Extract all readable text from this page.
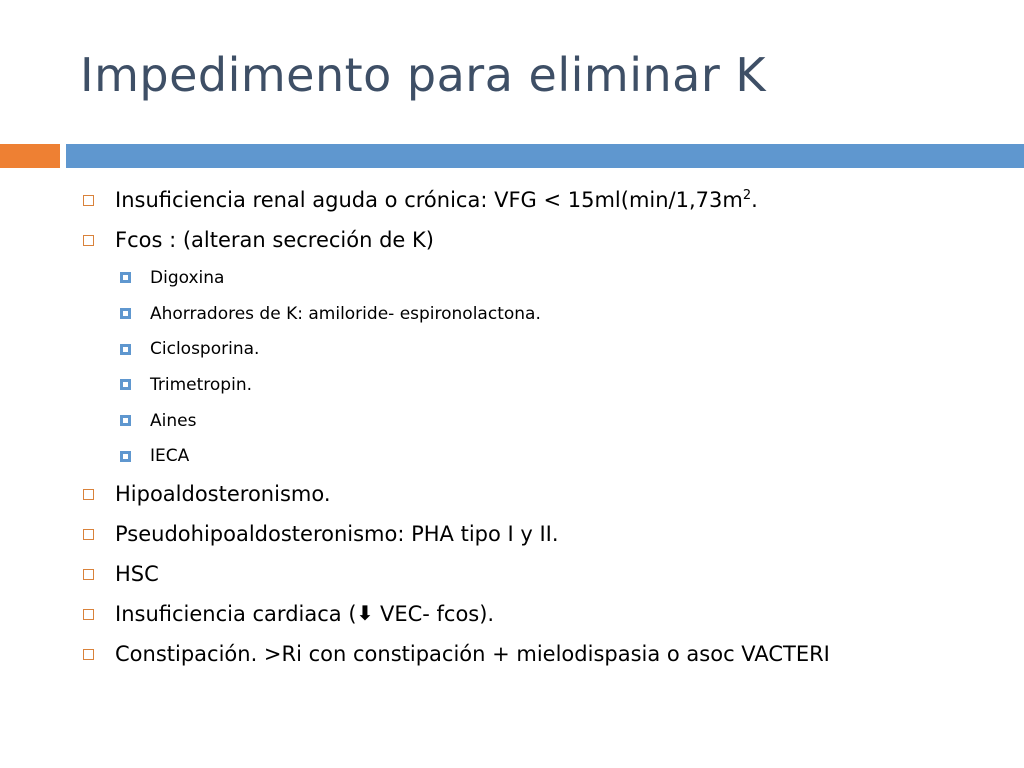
Impedimento para eliminar K
Insuficiencia renal aguda o crónica: VFG < $15ml(\min/1,73m^2$.
Fcos : (alteran secreción de K)
Digoxina
Ahorradores de K: amiloride- espironolactona.
Ciclosporina.
Trimetropin.
Aines
IECA
Hipoaldosteronismo.
Pseudohipoaldosteronismo: PHA tipo I y II.
HSC
Insuficiencia cardiaca (⬇ VEC- fcos).
Constipación. >Ri con constipación + mielodispasia o asoc VACTERI
